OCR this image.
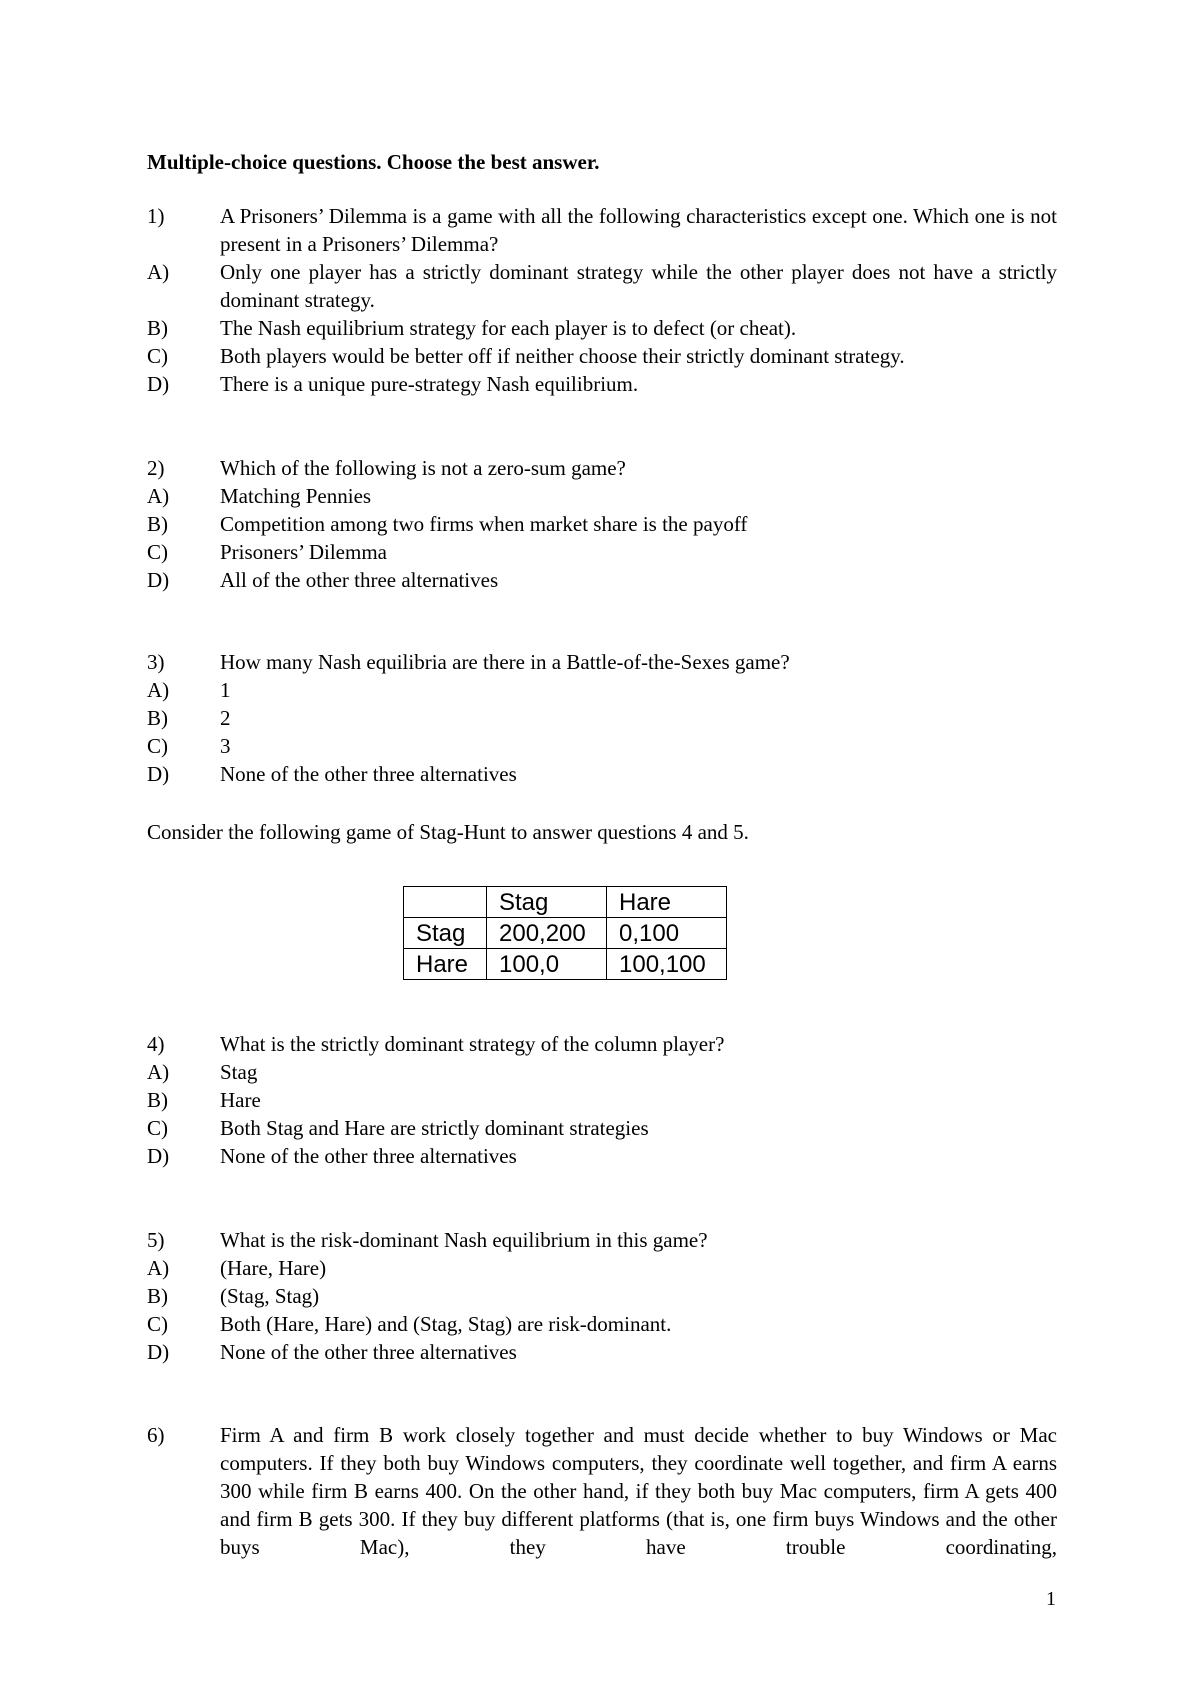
Multiple-choice questions. Choose the best answer.
1)	A Prisoners’ Dilemma is a game with all the following characteristics except one. Which one is not present in a Prisoners’ Dilemma?
A)	Only one player has a strictly dominant strategy while the other player does not have a strictly dominant strategy.
B)	The Nash equilibrium strategy for each player is to defect (or cheat).
C)	Both players would be better off if neither choose their strictly dominant strategy.
D)	There is a unique pure-strategy Nash equilibrium.
2)	Which of the following is not a zero-sum game?
A)	Matching Pennies
B)	Competition among two firms when market share is the payoff
C)	Prisoners’ Dilemma
D)	All of the other three alternatives
3)	How many Nash equilibria are there in a Battle-of-the-Sexes game?
A)	1
B)	2
C)	3
D)	None of the other three alternatives
Consider the following game of Stag-Hunt to answer questions 4 and 5.
	Stag	Hare
Stag	200,200	0,100
Hare	100,0	100,100
4)	What is the strictly dominant strategy of the column player?
A)	Stag
B)	Hare
C)	Both Stag and Hare are strictly dominant strategies
D)	None of the other three alternatives
5)	What is the risk-dominant Nash equilibrium in this game?
A)	(Hare, Hare)
B)	(Stag, Stag)
C)	Both (Hare, Hare) and (Stag, Stag) are risk-dominant.
D)	None of the other three alternatives
6)	Firm A and firm B work closely together and must decide whether to buy Windows or Mac computers. If they both buy Windows computers, they coordinate well together, and firm A earns 300 while firm B earns 400. On the other hand, if they both buy Mac computers, firm A gets 400 and firm B gets 300. If they buy different platforms (that is, one firm buys Windows and the other buys Mac), they have trouble coordinating,
1
